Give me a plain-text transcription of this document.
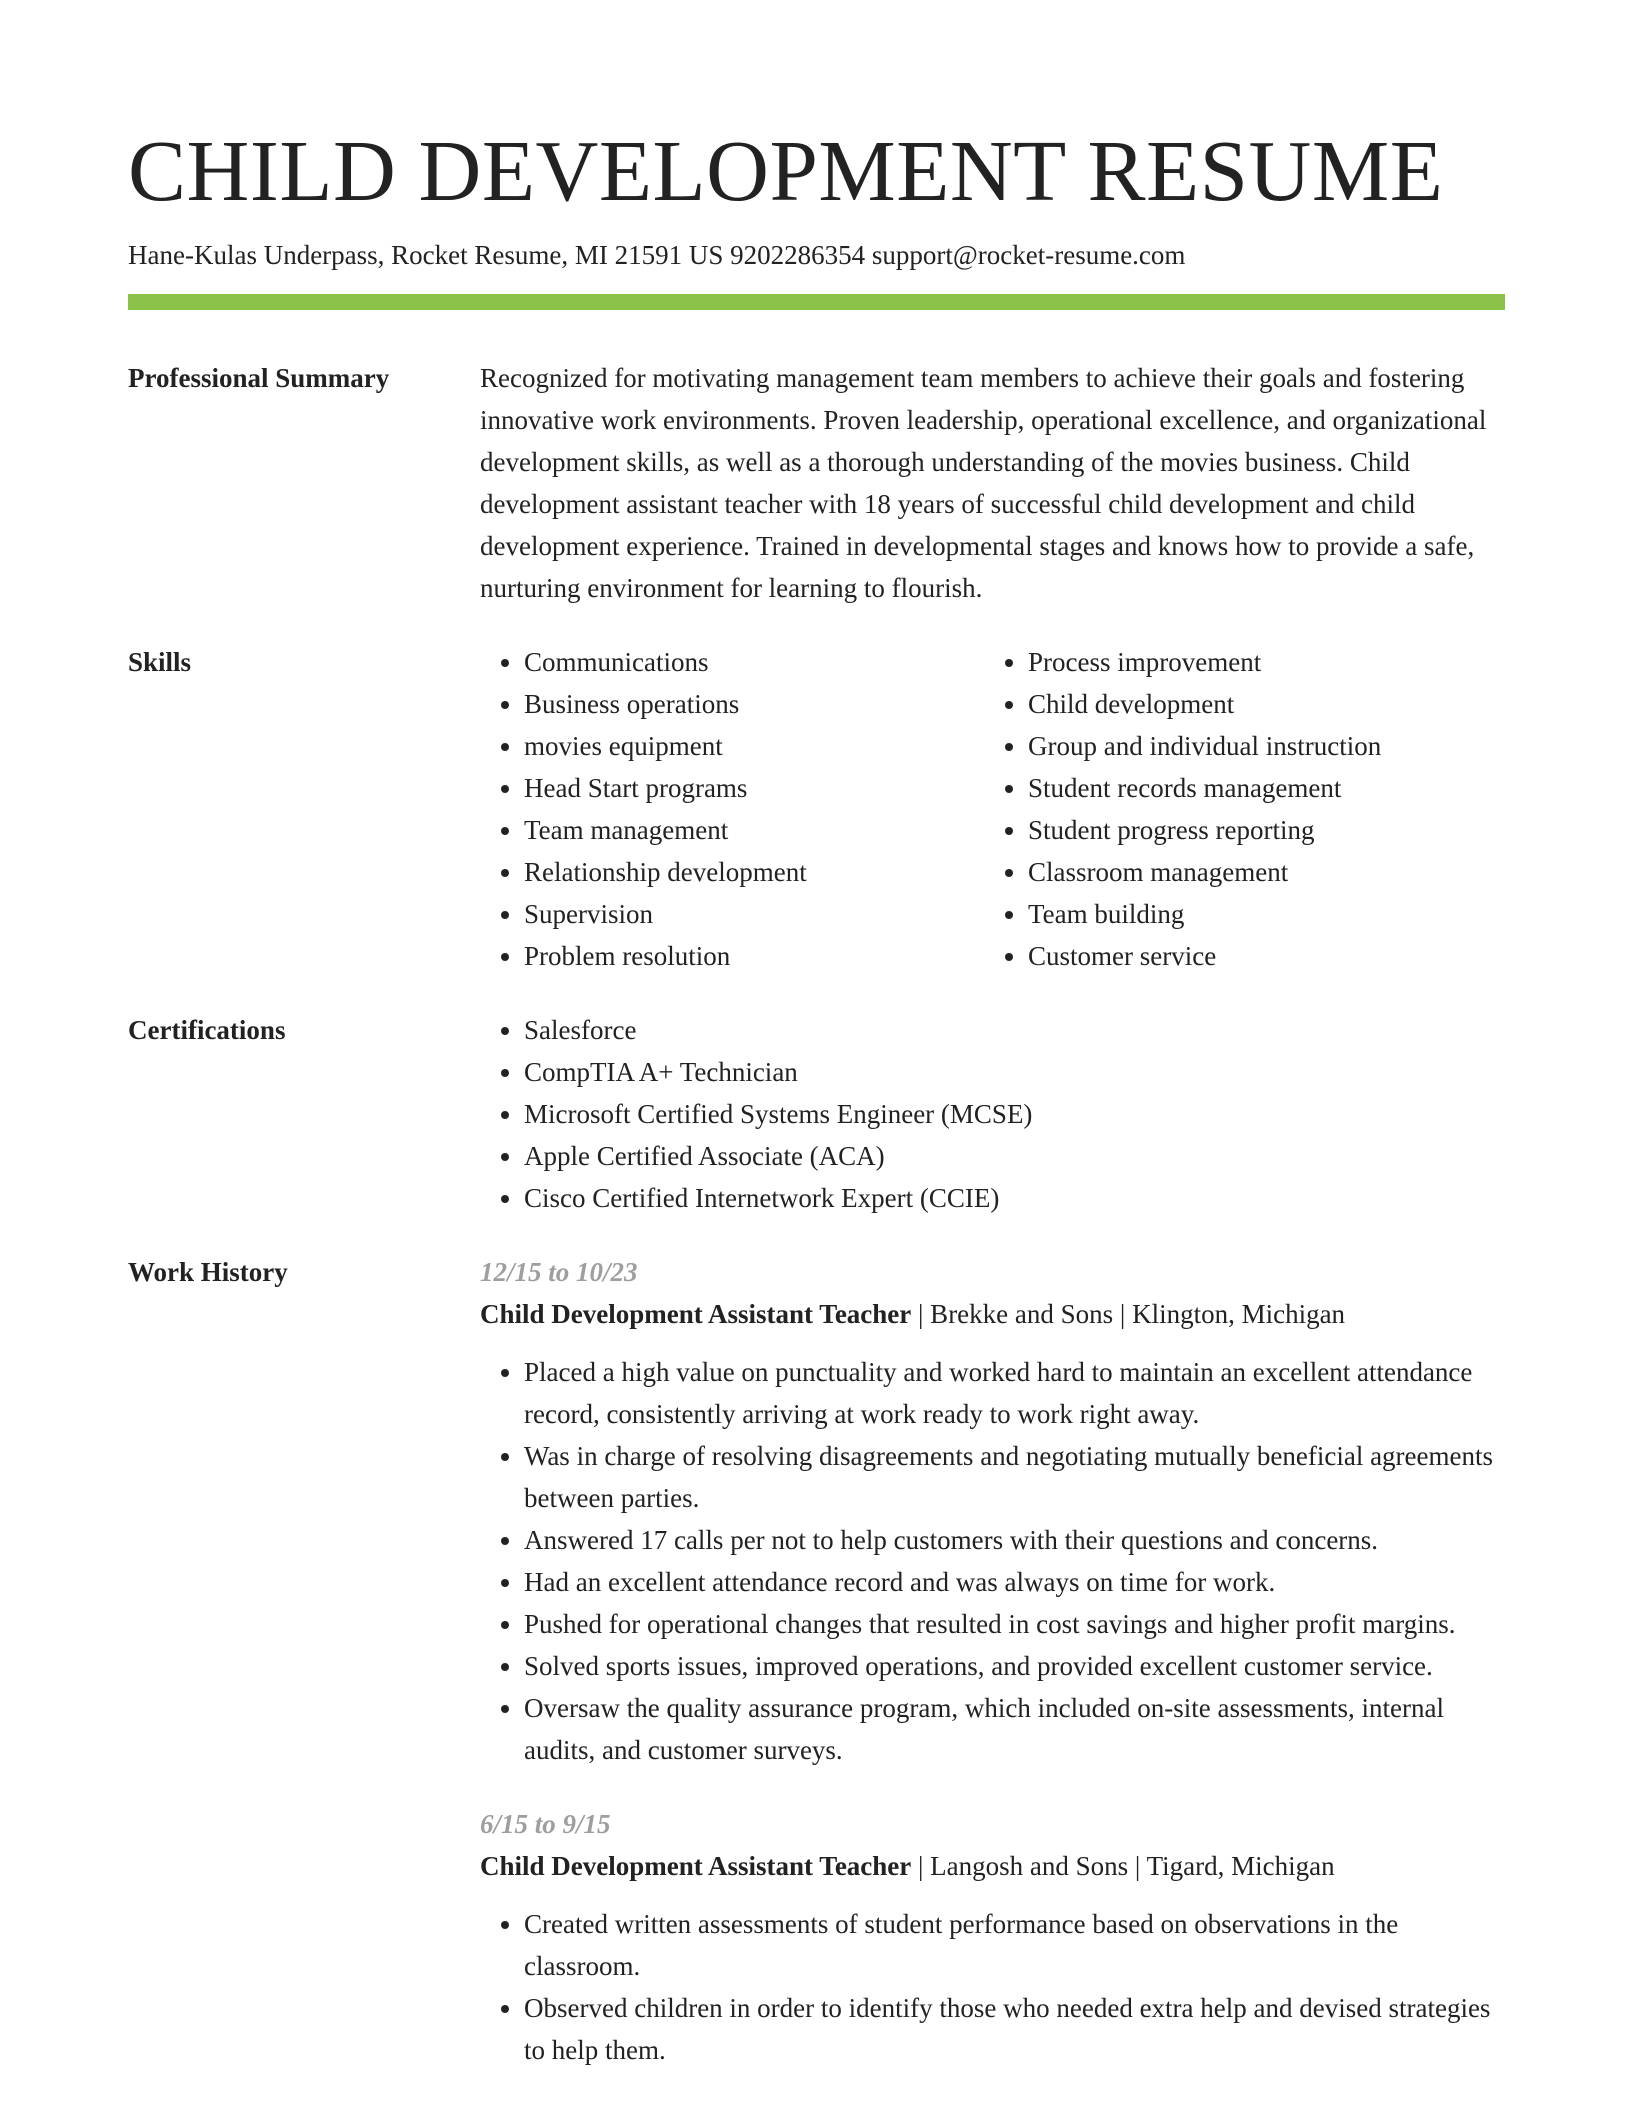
CHILD DEVELOPMENT RESUME
Hane-Kulas Underpass, Rocket Resume, MI 21591 US 9202286354 support@rocket-resume.com
Professional Summary	Recognized for motivating management team members to achieve their goals and fostering innovative work environments. Proven leadership, operational excellence, and organizational development skills, as well as a thorough understanding of the movies business. Child development assistant teacher with 18 years of successful child development and child development experience. Trained in developmental stages and knows how to provide a safe, nurturing environment for learning to flourish.
Skills	• Communications
• Business operations
• movies equipment
• Head Start programs
• Team management
• Relationship development
• Supervision
• Problem resolution
• Process improvement
• Child development
• Group and individual instruction
• Student records management
• Student progress reporting
• Classroom management
• Team building
• Customer service
Certifications	• Salesforce
• CompTIA A+ Technician
• Microsoft Certified Systems Engineer (MCSE)
• Apple Certified Associate (ACA)
• Cisco Certified Internetwork Expert (CCIE)
Work History	12/15 to 10/23
Child Development Assistant Teacher | Brekke and Sons | Klington, Michigan
• Placed a high value on punctuality and worked hard to maintain an excellent attendance record, consistently arriving at work ready to work right away.
• Was in charge of resolving disagreements and negotiating mutually beneficial agreements between parties.
• Answered 17 calls per not to help customers with their questions and concerns.
• Had an excellent attendance record and was always on time for work.
• Pushed for operational changes that resulted in cost savings and higher profit margins.
• Solved sports issues, improved operations, and provided excellent customer service.
• Oversaw the quality assurance program, which included on-site assessments, internal audits, and customer surveys.
6/15 to 9/15
Child Development Assistant Teacher | Langosh and Sons | Tigard, Michigan
• Created written assessments of student performance based on observations in the classroom.
• Observed children in order to identify those who needed extra help and devised strategies to help them.
